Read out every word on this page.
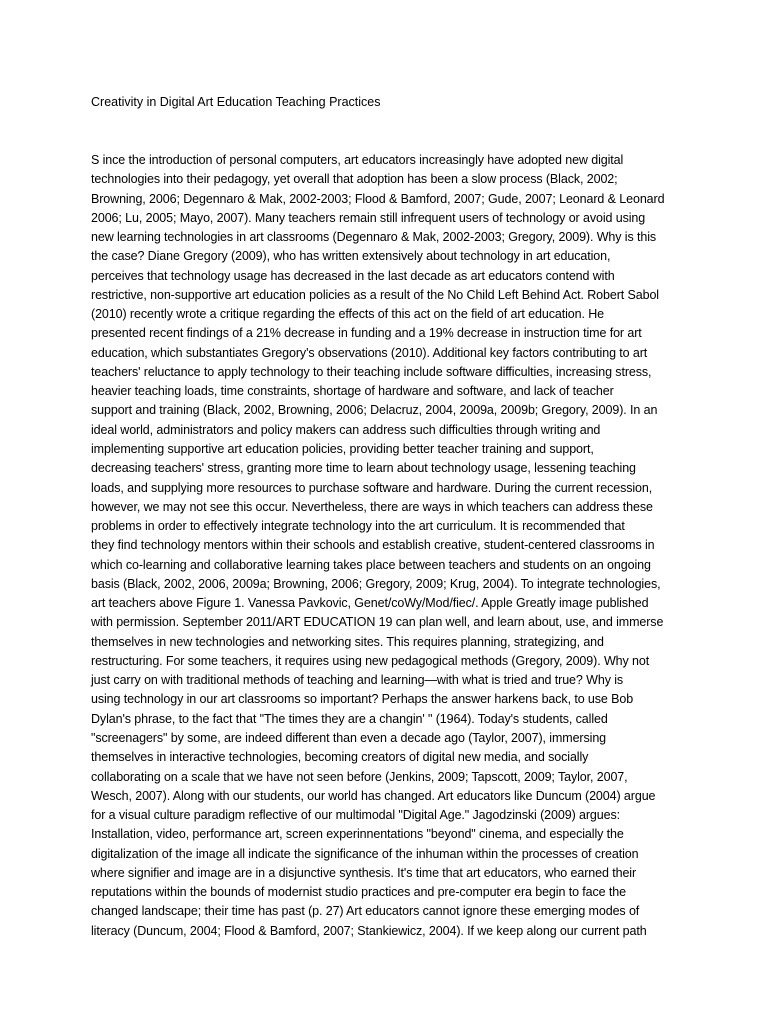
Creativity in Digital Art Education Teaching Practices
S ince the introduction of personal computers, art educators increasingly have adopted new digital
technologies into their pedagogy, yet overall that adoption has been a slow process (Black, 2002;
Browning, 2006; Degennaro & Mak, 2002-2003; Flood & Bamford, 2007; Gude, 2007; Leonard & Leonard
2006; Lu, 2005; Mayo, 2007). Many teachers remain still infrequent users of technology or avoid using
new learning technologies in art classrooms (Degennaro & Mak, 2002-2003; Gregory, 2009). Why is this
the case? Diane Gregory (2009), who has written extensively about technology in art education,
perceives that technology usage has decreased in the last decade as art educators contend with
restrictive, non-supportive art education policies as a result of the No Child Left Behind Act. Robert Sabol
(2010) recently wrote a critique regarding the effects of this act on the field of art education. He
presented recent findings of a 21% decrease in funding and a 19% decrease in instruction time for art
education, which substantiates Gregory's observations (2010). Additional key factors contributing to art
teachers' reluctance to apply technology to their teaching include software difficulties, increasing stress,
heavier teaching loads, time constraints, shortage of hardware and software, and lack of teacher
support and training (Black, 2002, Browning, 2006; Delacruz, 2004, 2009a, 2009b; Gregory, 2009). In an
ideal world, administrators and policy makers can address such difficulties through writing and
implementing supportive art education policies, providing better teacher training and support,
decreasing teachers' stress, granting more time to learn about technology usage, lessening teaching
loads, and supplying more resources to purchase software and hardware. During the current recession,
however, we may not see this occur. Nevertheless, there are ways in which teachers can address these
problems in order to effectively integrate technology into the art curriculum. It is recommended that
they find technology mentors within their schools and establish creative, student-centered classrooms in
which co-learning and collaborative learning takes place between teachers and students on an ongoing
basis (Black, 2002, 2006, 2009a; Browning, 2006; Gregory, 2009; Krug, 2004). To integrate technologies,
art teachers above Figure 1. Vanessa Pavkovic, Genet/coWy/Mod/fiec/. Apple Greatly image published
with permission. September 2011/ART EDUCATION 19 can plan well, and learn about, use, and immerse
themselves in new technologies and networking sites. This requires planning, strategizing, and
restructuring. For some teachers, it requires using new pedagogical methods (Gregory, 2009). Why not
just carry on with traditional methods of teaching and learning—with what is tried and true? Why is
using technology in our art classrooms so important? Perhaps the answer harkens back, to use Bob
Dylan's phrase, to the fact that "The times they are a changin' " (1964). Today's students, called
"screenagers" by some, are indeed different than even a decade ago (Taylor, 2007), immersing
themselves in interactive technologies, becoming creators of digital new media, and socially
collaborating on a scale that we have not seen before (Jenkins, 2009; Tapscott, 2009; Taylor, 2007,
Wesch, 2007). Along with our students, our world has changed. Art educators like Duncum (2004) argue
for a visual culture paradigm reflective of our multimodal "Digital Age." Jagodzinski (2009) argues:
Installation, video, performance art, screen experinnentations "beyond" cinema, and especially the
digitalization of the image all indicate the significance of the inhuman within the processes of creation
where signifier and image are in a disjunctive synthesis. It's time that art educators, who earned their
reputations within the bounds of modernist studio practices and pre-computer era begin to face the
changed landscape; their time has past (p. 27) Art educators cannot ignore these emerging modes of
literacy (Duncum, 2004; Flood & Bamford, 2007; Stankiewicz, 2004). If we keep along our current path
